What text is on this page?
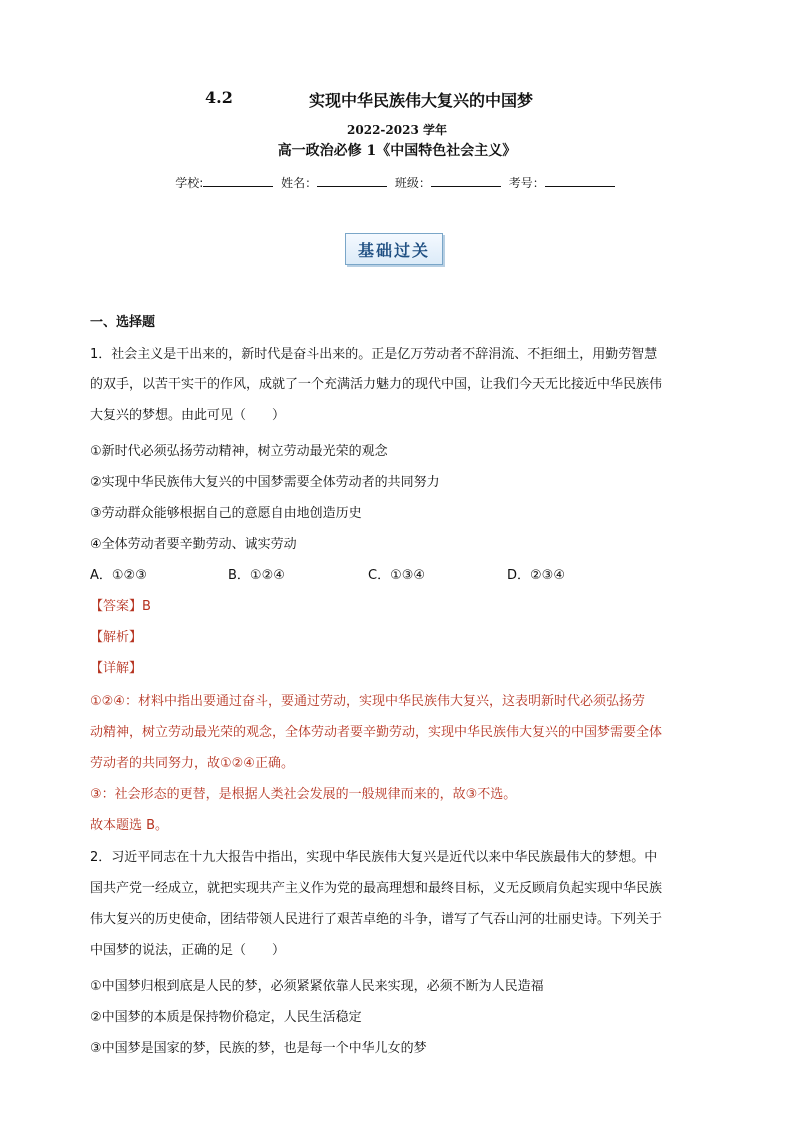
4.2	实现中华民族伟大复兴的中国梦
2022-2023 学年
高一政治必修 1《中国特色社会主义》
学校:	姓名：	班级：	考号：
基础过关
一、选择题
1．社会主义是干出来的，新时代是奋斗出来的。正是亿万劳动者不辞涓流、不拒细土，用勤劳智慧
的双手，以苦干实干的作风，成就了一个充满活力魅力的现代中国，让我们今天无比接近中华民族伟
大复兴的梦想。由此可见（　　）
①新时代必须弘扬劳动精神，树立劳动最光荣的观念
②实现中华民族伟大复兴的中国梦需要全体劳动者的共同努力
③劳动群众能够根据自己的意愿自由地创造历史
④全体劳动者要辛勤劳动、诚实劳动
A．①②③	B．①②④	C．①③④	D．②③④
【答案】B
【解析】
【详解】
①②④：材料中指出要通过奋斗，要通过劳动，实现中华民族伟大复兴，这表明新时代必须弘扬劳
动精神，树立劳动最光荣的观念，全体劳动者要辛勤劳动，实现中华民族伟大复兴的中国梦需要全体
劳动者的共同努力，故①②④正确。
③：社会形态的更替，是根据人类社会发展的一般规律而来的，故③不选。
故本题选 B。
2．习近平同志在十九大报告中指出，实现中华民族伟大复兴是近代以来中华民族最伟大的梦想。中
国共产党一经成立，就把实现共产主义作为党的最高理想和最终目标，义无反顾肩负起实现中华民族
伟大复兴的历史使命，团结带领人民进行了艰苦卓绝的斗争，谱写了气吞山河的壮丽史诗。下列关于
中国梦的说法，正确的足（　　）
①中国梦归根到底是人民的梦，必须紧紧依靠人民来实现，必须不断为人民造福
②中国梦的本质是保持物价稳定，人民生活稳定
③中国梦是国家的梦，民族的梦，也是每一个中华儿女的梦
